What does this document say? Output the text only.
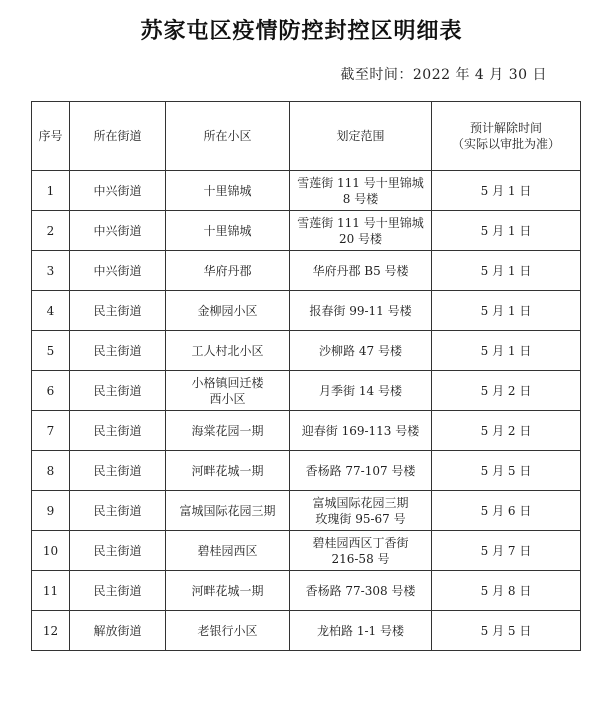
苏家屯区疫情防控封控区明细表
截至时间：2022 年 4 月 30 日
序号	所在街道	所在小区	划定范围	预计解除时间
（实际以审批为准）

1	中兴街道	十里锦城	雪莲街 111 号十里锦城
8 号楼	5 月 1 日
2	中兴街道	十里锦城	雪莲街 111 号十里锦城
20 号楼	5 月 1 日
3	中兴街道	华府丹郡	华府丹郡 B5 号楼	5 月 1 日
4	民主街道	金柳园小区	报春街 99-11 号楼	5 月 1 日
5	民主街道	工人村北小区	沙柳路 47 号楼	5 月 1 日
6	民主街道	小格镇回迁楼
西小区	月季街 14 号楼	5 月 2 日
7	民主街道	海棠花园一期	迎春街 169-113 号楼	5 月 2 日
8	民主街道	河畔花城一期	香杨路 77-107 号楼	5 月 5 日
9	民主街道	富城国际花园三期	富城国际花园三期
玫瑰街 95-67 号	5 月 6 日
10	民主街道	碧桂园西区	碧桂园西区丁香街
216-58 号	5 月 7 日
11	民主街道	河畔花城一期	香杨路 77-308 号楼	5 月 8 日
12	解放街道	老银行小区	龙柏路 1-1 号楼	5 月 5 日
